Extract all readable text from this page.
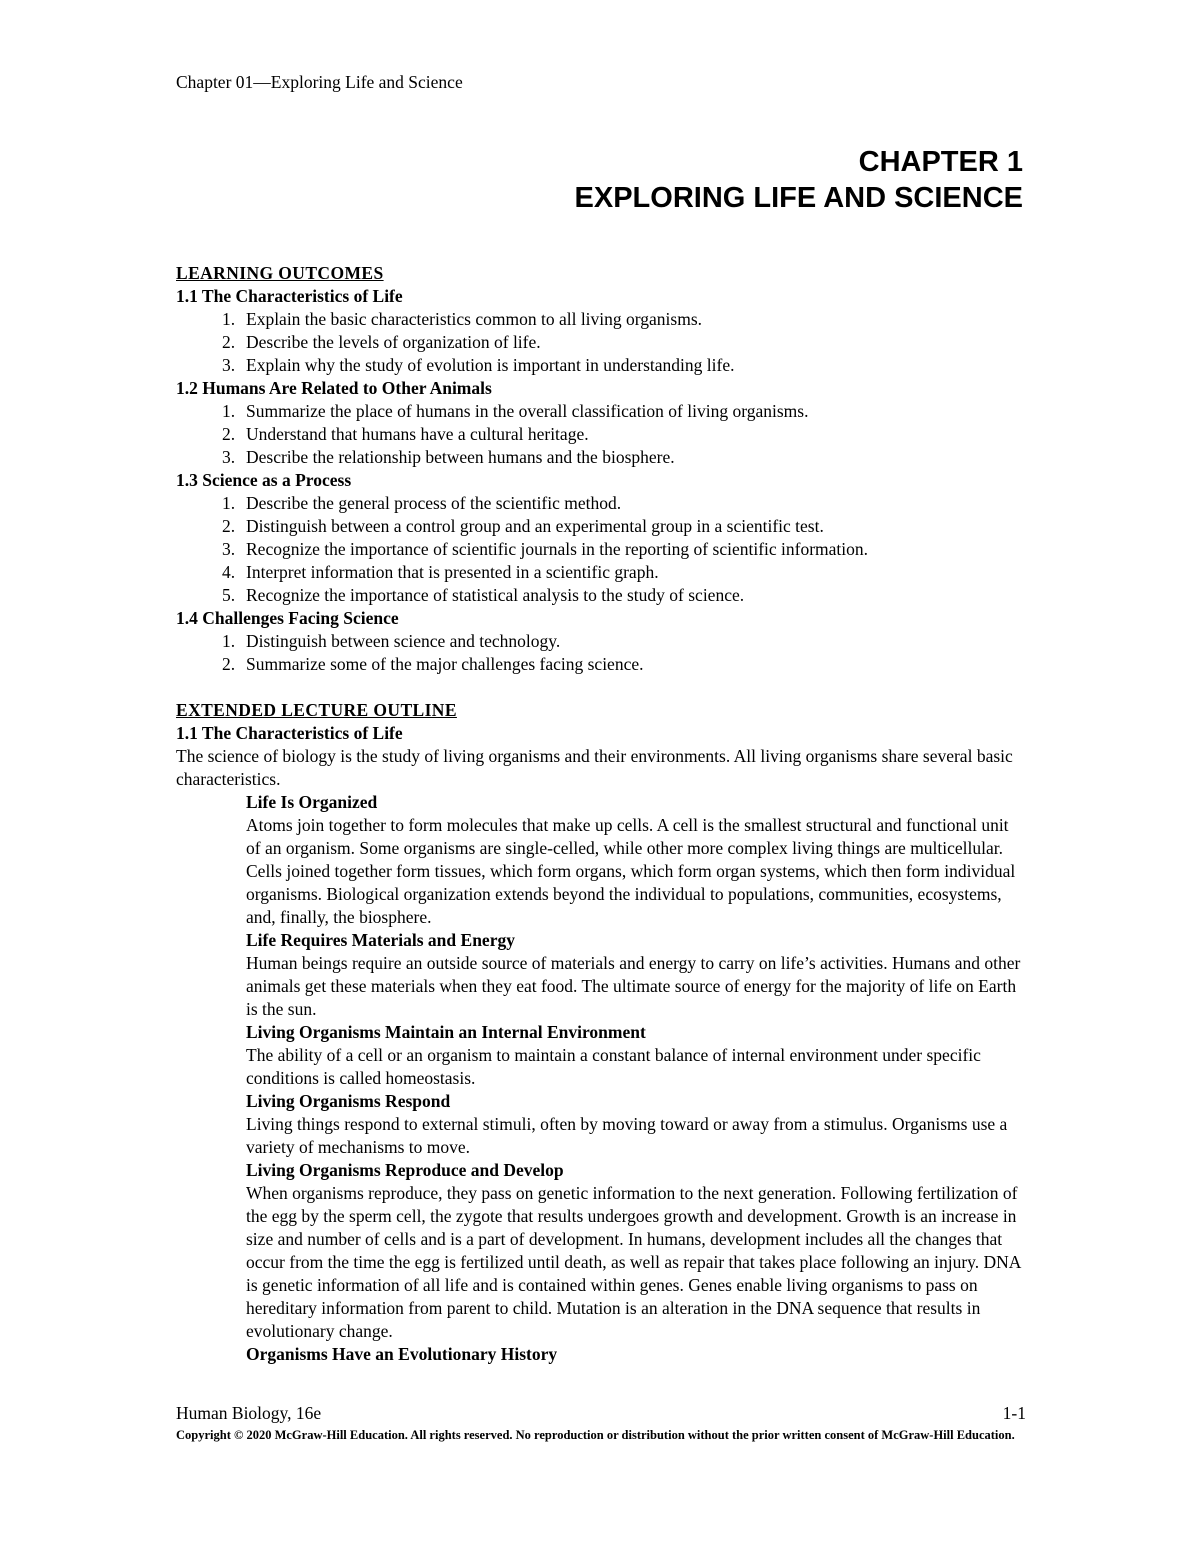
Chapter 01—Exploring Life and Science
CHAPTER 1
EXPLORING LIFE AND SCIENCE
LEARNING OUTCOMES
1.1 The Characteristics of Life
1. Explain the basic characteristics common to all living organisms.
2. Describe the levels of organization of life.
3. Explain why the study of evolution is important in understanding life.
1.2 Humans Are Related to Other Animals
1. Summarize the place of humans in the overall classification of living organisms.
2. Understand that humans have a cultural heritage.
3. Describe the relationship between humans and the biosphere.
1.3 Science as a Process
1. Describe the general process of the scientific method.
2. Distinguish between a control group and an experimental group in a scientific test.
3. Recognize the importance of scientific journals in the reporting of scientific information.
4. Interpret information that is presented in a scientific graph.
5. Recognize the importance of statistical analysis to the study of science.
1.4 Challenges Facing Science
1. Distinguish between science and technology.
2. Summarize some of the major challenges facing science.
EXTENDED LECTURE OUTLINE
1.1 The Characteristics of Life
The science of biology is the study of living organisms and their environments. All living organisms share several basic characteristics.
Life Is Organized
Atoms join together to form molecules that make up cells. A cell is the smallest structural and functional unit of an organism. Some organisms are single-celled, while other more complex living things are multicellular. Cells joined together form tissues, which form organs, which form organ systems, which then form individual organisms. Biological organization extends beyond the individual to populations, communities, ecosystems, and, finally, the biosphere.
Life Requires Materials and Energy
Human beings require an outside source of materials and energy to carry on life’s activities. Humans and other animals get these materials when they eat food. The ultimate source of energy for the majority of life on Earth is the sun.
Living Organisms Maintain an Internal Environment
The ability of a cell or an organism to maintain a constant balance of internal environment under specific conditions is called homeostasis.
Living Organisms Respond
Living things respond to external stimuli, often by moving toward or away from a stimulus. Organisms use a variety of mechanisms to move.
Living Organisms Reproduce and Develop
When organisms reproduce, they pass on genetic information to the next generation. Following fertilization of the egg by the sperm cell, the zygote that results undergoes growth and development. Growth is an increase in size and number of cells and is a part of development. In humans, development includes all the changes that occur from the time the egg is fertilized until death, as well as repair that takes place following an injury. DNA is genetic information of all life and is contained within genes. Genes enable living organisms to pass on hereditary information from parent to child. Mutation is an alteration in the DNA sequence that results in evolutionary change.
Organisms Have an Evolutionary History
Human Biology, 16e	1-1
Copyright © 2020 McGraw-Hill Education. All rights reserved. No reproduction or distribution without the prior written consent of McGraw-Hill Education.
